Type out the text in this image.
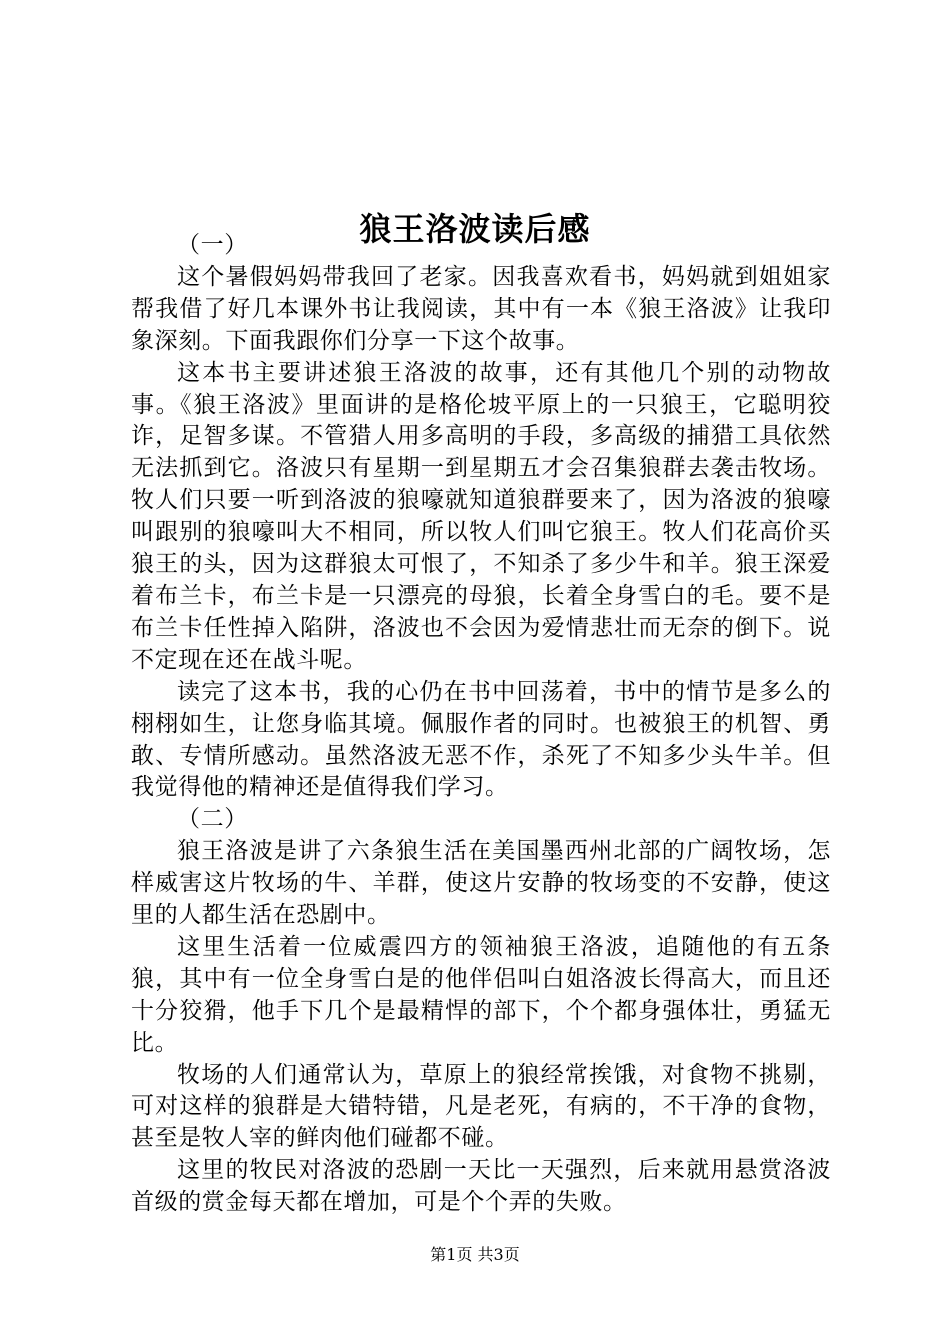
狼王洛波读后感

（一）

这个暑假妈妈带我回了老家。因我喜欢看书，妈妈就到姐姐家帮我借了好几本课外书让我阅读，其中有一本《狼王洛波》让我印象深刻。下面我跟你们分享一下这个故事。

这本书主要讲述狼王洛波的故事，还有其他几个别的动物故事。《狼王洛波》里面讲的是格伦坡平原上的一只狼王，它聪明狡诈，足智多谋。不管猎人用多高明的手段，多高级的捕猎工具依然无法抓到它。洛波只有星期一到星期五才会召集狼群去袭击牧场。牧人们只要一听到洛波的狼嚎就知道狼群要来了，因为洛波的狼嚎叫跟别的狼嚎叫大不相同，所以牧人们叫它狼王。牧人们花高价买狼王的头，因为这群狼太可恨了，不知杀了多少牛和羊。狼王深爱着布兰卡，布兰卡是一只漂亮的母狼，长着全身雪白的毛。要不是布兰卡任性掉入陷阱，洛波也不会因为爱情悲壮而无奈的倒下。说不定现在还在战斗呢。

读完了这本书，我的心仍在书中回荡着，书中的情节是多么的栩栩如生，让您身临其境。佩服作者的同时。也被狼王的机智、勇敢、专情所感动。虽然洛波无恶不作，杀死了不知多少头牛羊。但我觉得他的精神还是值得我们学习。

（二）

狼王洛波是讲了六条狼生活在美国墨西州北部的广阔牧场，怎样威害这片牧场的牛、羊群，使这片安静的牧场变的不安静，使这里的人都生活在恐剧中。

这里生活着一位威震四方的领袖狼王洛波，追随他的有五条狼，其中有一位全身雪白是的他伴侣叫白姐洛波长得高大，而且还十分狡猾，他手下几个是最精悍的部下，个个都身强体壮，勇猛无比。

牧场的人们通常认为，草原上的狼经常挨饿，对食物不挑剔，可对这样的狼群是大错特错，凡是老死，有病的，不干净的食物，甚至是牧人宰的鲜肉他们碰都不碰。

这里的牧民对洛波的恐剧一天比一天强烈，后来就用悬赏洛波首级的赏金每天都在增加，可是个个弄的失败。

第1页 共3页
